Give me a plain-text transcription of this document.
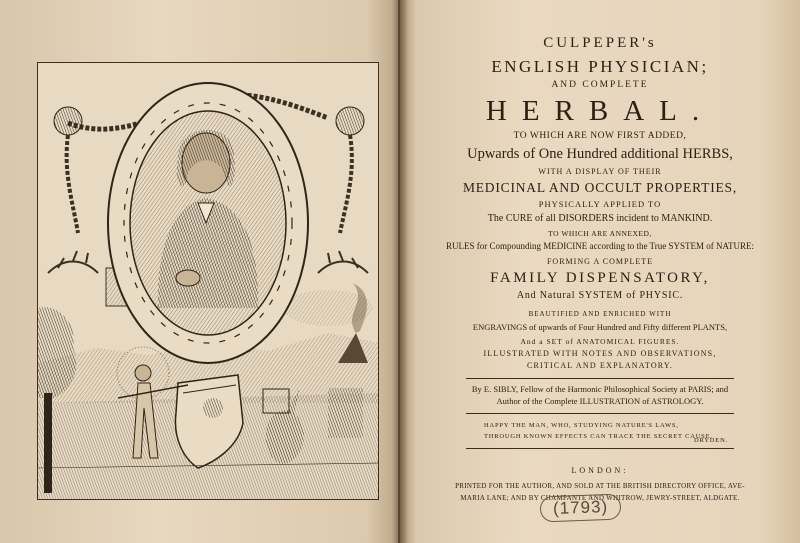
CULPEPER's
ENGLISH PHYSICIAN;
AND COMPLETE
HERBAL.
TO WHICH ARE NOW FIRST ADDED,
Upwards of One Hundred additional HERBS,
WITH A DISPLAY OF THEIR
MEDICINAL AND OCCULT PROPERTIES,
PHYSICALLY APPLIED TO
The CURE of all DISORDERS incident to MANKIND.
TO WHICH ARE ANNEXED,
RULES for Compounding MEDICINE according to the True SYSTEM of NATURE:
FORMING A COMPLETE
FAMILY DISPENSATORY,
And Natural SYSTEM of PHYSIC.
BEAUTIFIED AND ENRICHED WITH
ENGRAVINGS of upwards of Four Hundred and Fifty different PLANTS,
And a SET of ANATOMICAL FIGURES.
ILLUSTRATED WITH NOTES AND OBSERVATIONS,
CRITICAL AND EXPLANATORY.
By E. SIBLY, Fellow of the Harmonic Philosophical Society at PARIS; and
Author of the Complete ILLUSTRATION of ASTROLOGY.
HAPPY THE MAN, WHO, STUDYING NATURE'S LAWS,
THROUGH KNOWN EFFECTS CAN TRACE THE SECRET CAUSE.
DRYDEN.
LONDON:
PRINTED FOR THE AUTHOR, AND SOLD AT THE BRITISH DIRECTORY OFFICE, AVE-
MARIA LANE; AND BY CHAMPANTE AND WHITROW, JEWRY-STREET, ALDGATE.
(1793)
